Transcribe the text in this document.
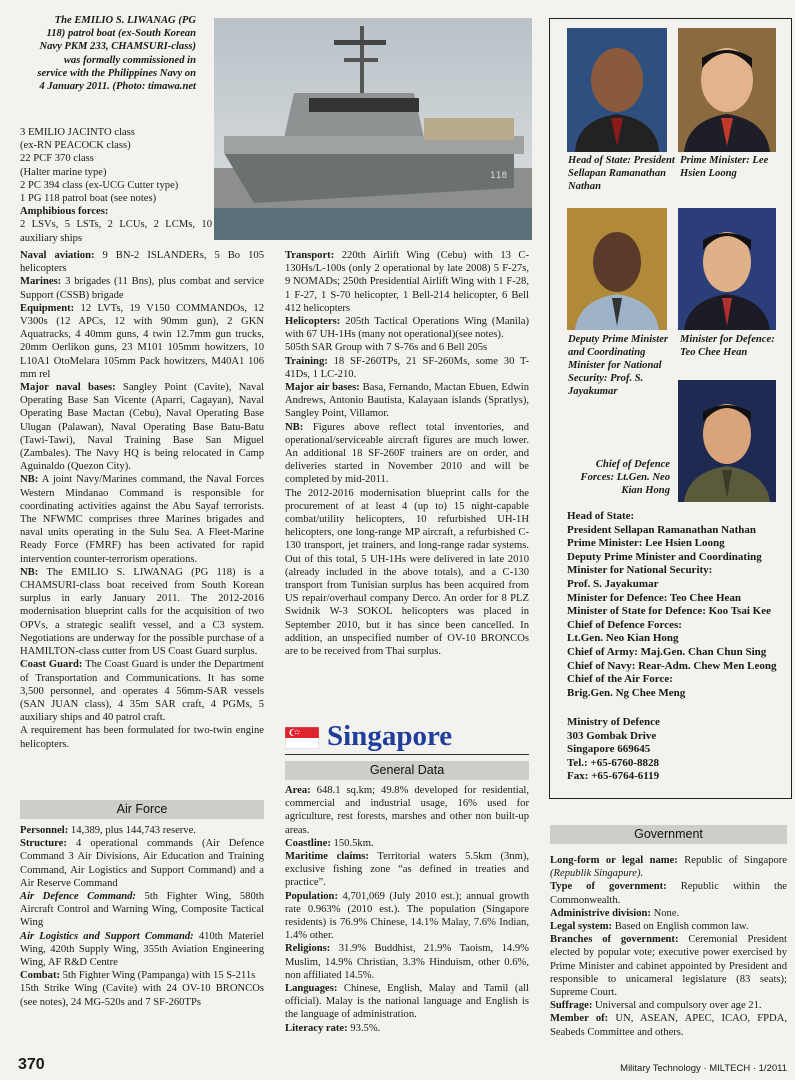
The EMILIO S. LIWANAG (PG 118) patrol boat (ex-South Korean Navy PKM 233, CHAMSURI-class) was formally commissioned in service with the Philippines Navy on 4 January 2011. (Photo: timawa.net
118

3 EMILIO JACINTO class

(ex-RN PEACOCK class)

22 PCF 370 class

(Halter marine type)

2 PC 394 class (ex-UCG Cutter type)

1 PG 118 patrol boat (see notes)

Amphibious forces:

2 LSVs, 5 LSTs, 2 LCUs, 2 LCMs, 10 auxiliary ships

Naval aviation: 9 BN-2 ISLANDERs, 5 Bo 105 helicopters

Marines: 3 brigades (11 Bns), plus combat and service Support (CSSB) brigade

Equipment: 12 LVTs, 19 V150 COMMANDOs, 12 V300s (12 APCs, 12 with 90mm gun), 2 GKN Aquatracks, 4 40mm guns, 4 twin 12.7mm gun trucks, 20mm Oerlikon guns, 23 M101 105mm howitzers, 10 L10A1 OtoMelara 105mm Pack howitzers, M40A1 106 mm rel

Major naval bases: Sangley Point (Cavite), Naval Operating Base San Vicente (Aparri, Cagayan), Naval Operating Base Mactan (Cebu), Naval Operating Base Ulugan (Palawan), Naval Operating Base Batu-Batu (Tawi-Tawi), Naval Training Base San Miguel (Zambales). The Navy HQ is being relocated in Camp Aguinaldo (Quezon City).

NB: A joint Navy/Marines command, the Naval Forces Western Mindanao Command is responsible for coordinating activities against the Abu Sayaf terrorists. The NFWMC comprises three Marines brigades and naval units operating in the Sulu Sea. A Fleet-Marine Ready Force (FMRF) has been activated for rapid intervention counter-terrorism operations.

NB: The EMILIO S. LIWANAG (PG 118) is a CHAMSURI-class boat received from South Korean surplus in early January 2011. The 2012-2016 modernisation blueprint calls for the acquisition of two OPVs, a strategic sealift vessel, and a C3 system. Negotiations are underway for the possible purchase of a HAMILTON-class cutter from US Coast Guard surplus.

Coast Guard: The Coast Guard is under the Department of Transportation and Communications. It has some 3,500 personnel, and operates 4 56mm-SAR vessels (SAN JUAN class), 4 35m SAR craft, 4 PGMs, 5 auxiliary ships and 40 patrol craft.

A requirement has been formulated for two-twin engine helicopters.

Air Force

Personnel: 14,389, plus 144,743 reserve.

Structure: 4 operational commands (Air Defence Command 3 Air Divisions, Air Education and Training Command, Air Logistics and Support Command) and a Air Reserve Command

Air Defence Command: 5th Fighter Wing, 580th Aircraft Control and Warning Wing, Composite Tactical Wing

Air Logistics and Support Command: 410th Materiel Wing, 420th Supply Wing, 355th Aviation Engineering Wing, AF R&D Centre

Combat: 5th Fighter Wing (Pampanga) with 15 S-211s

15th Strike Wing (Cavite) with 24 OV-10 BRONCOs (see notes), 24 MG-520s and 7 SF-260TPs

Transport: 220th Airlift Wing (Cebu) with 13 C-130Hs/L-100s (only 2 operational by late 2008) 5 F-27s, 9 NOMADs; 250th Presidential Airlift Wing with 1 F-28, 1 F-27, 1 S-70 helicopter, 1 Bell-214 helicopter, 6 Bell 412 helicopters

Helicopters: 205th Tactical Operations Wing (Manila) with 67 UH-1Hs (many not operational)(see notes).

505th SAR Group with 7 S-76s and 6 Bell 205s

Training: 18 SF-260TPs, 21 SF-260Ms, some 30 T-41Ds, 1 LC-210.

Major air bases: Basa, Fernando, Mactan Ebuen, Edwin Andrews, Antonio Bautista, Kalayaan islands (Spratlys), Sangley Point, Villamor.

NB: Figures above reflect total inventories, and operational/serviceable aircraft figures are much lower. An additional 18 SF-260F trainers are on order, and deliveries started in November 2010 and will be completed by mid-2011.

The 2012-2016 modernisation blueprint calls for the procurement of at least 4 (up to) 15 night-capable combat/utility helicopters, 10 refurbished UH-1H helicopters, one long-range MP aircraft, a refurbished C-130 transport, jet trainers, and long-range radar systems. Out of this total, 5 UH-1Hs were delivered in late 2010 (already included in the above totals), and a C-130 transport from Tunisian surplus has been acquired from US repair/overhaul company Derco. An order for 8 PLZ Swidnik W-3 SOKOL helicopters was placed in September 2010, but it has since been cancelled. In addition, an unspecified number of OV-10 BRONCOs are to be received from Thai surplus.

Singapore
General Data

Area: 648.1 sq.km; 49.8% developed for residential, commercial and industrial usage, 16% used for agriculture, rest forests, marshes and other non built-up areas.

Coastline: 150.5km.

Maritime claims: Territorial waters 5.5km (3nm), exclusive fishing zone “as defined in treaties and practice”.

Population: 4,701,069 (July 2010 est.); annual growth rate 0.963% (2010 est.). The population (Singapore residents) is 76.9% Chinese, 14.1% Malay, 7.6% Indian, 1.4% other.

Religions: 31.9% Buddhist, 21.9% Taoism, 14.9% Muslim, 14.9% Christian, 3.3% Hinduism, other 0.6%, non affiliated 14.5%.

Languages: Chinese, English, Malay and Tamil (all official). Malay is the national language and English is the language of administration.

Literacy rate: 93.5%.

Head of State: President Sellapan Ramanathan Nathan
Prime Minister: Lee Hsien Loong
Deputy Prime Minister and Coordinating Minister for National Security: Prof. S. Jayakumar
Minister for Defence: Teo Chee Hean
Chief of Defence Forces: Lt.Gen. Neo Kian Hong
Head of State:
President Sellapan Ramanathan Nathan
Prime Minister: Lee Hsien Loong
Deputy Prime Minister and Coordinating
Minister for National Security:
Prof. S. Jayakumar
Minister for Defence: Teo Chee Hean
Minister of State for Defence: Koo Tsai Kee
Chief of Defence Forces:
Lt.Gen. Neo Kian Hong
Chief of Army: Maj.Gen. Chan Chun Sing
Chief of Navy: Rear-Adm. Chew Men Leong
Chief of the Air Force:
Brig.Gen. Ng Chee Meng
Ministry of Defence
303 Gombak Drive
Singapore 669645
Tel.: +65-6760-8828
Fax: +65-6764-6119
Government

Long-form or legal name: Republic of Singapore (Republik Singapure).

Type of government: Republic within the Commonwealth.

Administrive division: None.

Legal system: Based on English common law.

Branches of government: Ceremonial President elected by popular vote; executive power exercised by Prime Minister and cabinet appointed by President and responsible to unicameral legislature (83 seats); Supreme Court.

Suffrage: Universal and compulsory over age 21.

Member of: UN, ASEAN, APEC, ICAO, FPDA, Seabeds Committee and others.

370	Military Technology · MILTECH · 1/2011
